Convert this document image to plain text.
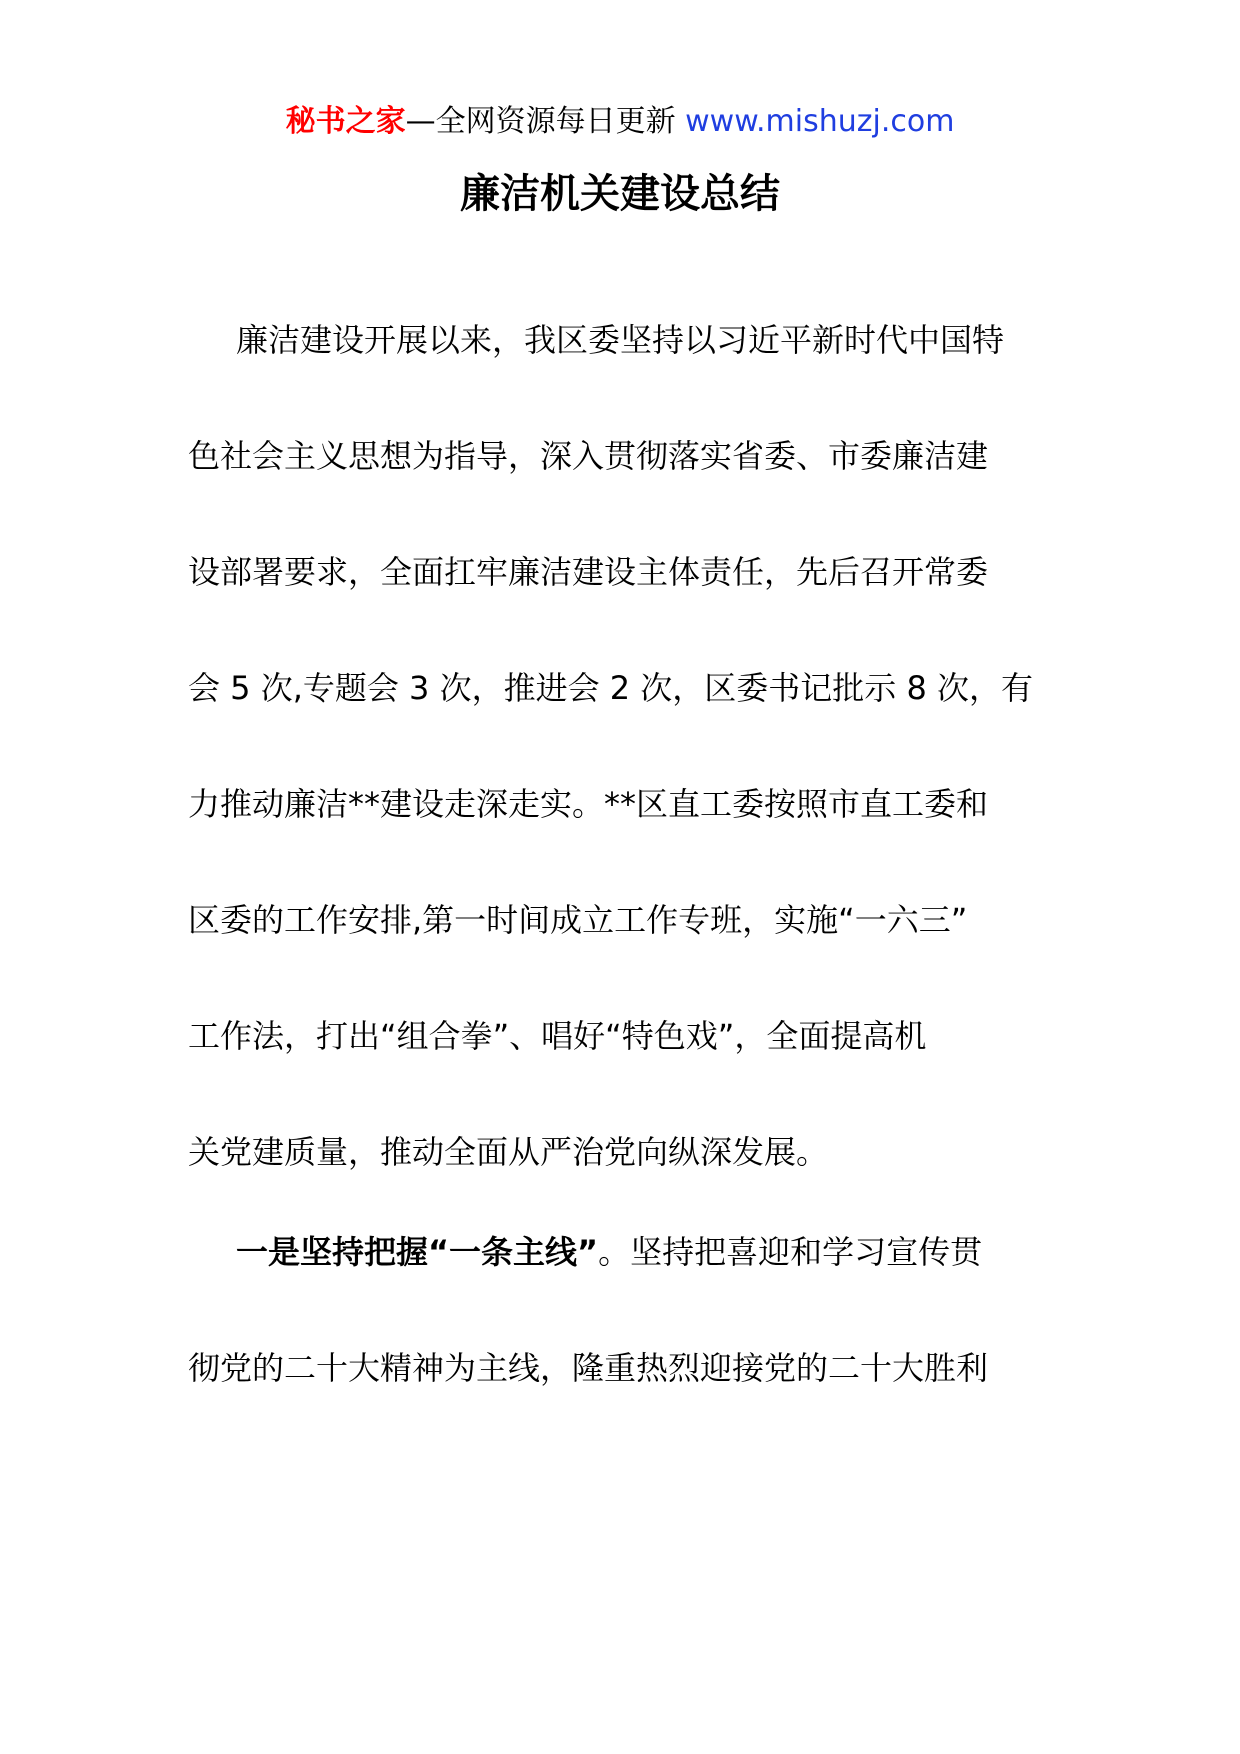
秘书之家—全网资源每日更新 www.mishuzj.com
廉洁机关建设总结
廉洁建设开展以来，我区委坚持以习近平新时代中国特
色社会主义思想为指导，深入贯彻落实省委、市委廉洁建
设部署要求，全面扛牢廉洁建设主体责任，先后召开常委
会 5 次,专题会 3 次，推进会 2 次，区委书记批示 8 次，有
力推动廉洁**建设走深走实。**区直工委按照市直工委和
区委的工作安排,第一时间成立工作专班，实施“一六三”
工作法，打出“组合拳”、唱好“特色戏”，全面提高机
关党建质量，推动全面从严治党向纵深发展。
一是坚持把握“一条主线”。坚持把喜迎和学习宣传贯
彻党的二十大精神为主线，隆重热烈迎接党的二十大胜利
